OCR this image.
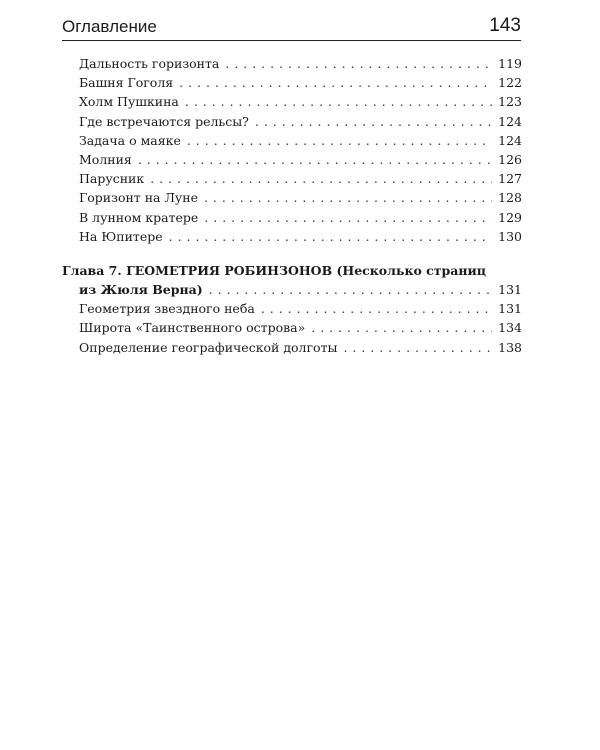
Оглавление	143
Дальность горизонта . . .	119
Башня Гоголя . . .	122
Холм Пушкина . . .	123
Где встречаются рельсы? . . .	124
Задача о маяке . . .	124
Молния . . .	126
Парусник . . .	127
Горизонт на Луне . . .	128
В лунном кратере . . .	129
На Юпитере . . .	130
Глава 7. ГЕОМЕТРИЯ РОБИНЗОНОВ (Несколько страниц
из Жюля Верна) . . .	131
Геометрия звездного неба . . .	131
Широта «Таинственного острова» . . .	134
Определение географической долготы . . .	138
